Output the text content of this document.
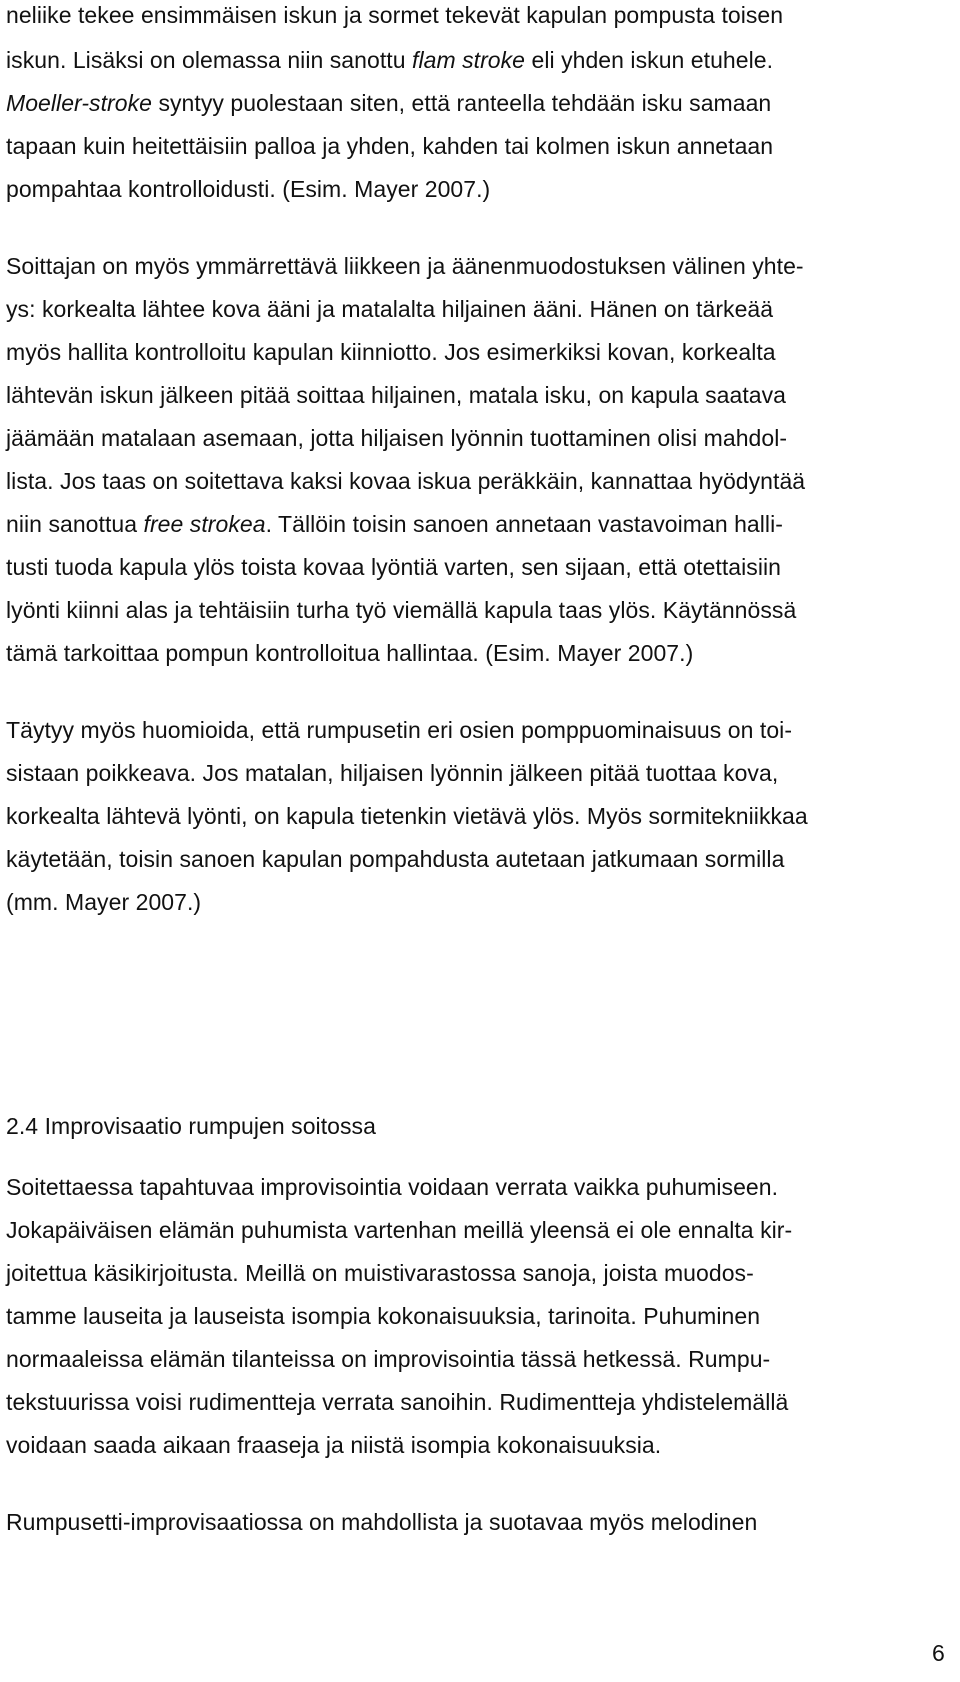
neliike tekee ensimmäisen iskun ja sormet tekevät kapulan pompusta toisen
iskun. Lisäksi on olemassa niin sanottu flam stroke eli yhden iskun etuhele.
Moeller-stroke syntyy puolestaan siten, että ranteella tehdään isku samaan
tapaan kuin heitettäisiin palloa ja yhden, kahden tai kolmen iskun annetaan
pompahtaa kontrolloidusti. (Esim. Mayer 2007.)
Soittajan on myös ymmärrettävä liikkeen ja äänenmuodostuksen välinen yhte-
ys: korkealta lähtee kova ääni ja matalalta hiljainen ääni. Hänen on tärkeää
myös hallita kontrolloitu kapulan kiinniotto. Jos esimerkiksi kovan, korkealta
lähtevän iskun jälkeen pitää soittaa hiljainen, matala isku, on kapula saatava
jäämään matalaan asemaan, jotta hiljaisen lyönnin tuottaminen olisi mahdol-
lista. Jos taas on soitettava kaksi kovaa iskua peräkkäin, kannattaa hyödyntää
niin sanottua free strokea. Tällöin toisin sanoen annetaan vastavoiman halli-
tusti tuoda kapula ylös toista kovaa lyöntiä varten, sen sijaan, että otettaisiin
lyönti kiinni alas ja tehtäisiin turha työ viemällä kapula taas ylös. Käytännössä
tämä tarkoittaa pompun kontrolloitua hallintaa. (Esim. Mayer 2007.)
Täytyy myös huomioida, että rumpusetin eri osien pomppuominaisuus on toi-
sistaan poikkeava. Jos matalan, hiljaisen lyönnin jälkeen pitää tuottaa kova,
korkealta lähtevä lyönti, on kapula tietenkin vietävä ylös. Myös sormitekniikkaa
käytetään, toisin sanoen kapulan pompahdusta autetaan jatkumaan sormilla
(mm. Mayer 2007.)
2.4 Improvisaatio rumpujen soitossa
Soitettaessa tapahtuvaa improvisointia voidaan verrata vaikka puhumiseen.
Jokapäiväisen elämän puhumista vartenhan meillä yleensä ei ole ennalta kir-
joitettua käsikirjoitusta. Meillä on muistivarastossa sanoja, joista muodos-
tamme lauseita ja lauseista isompia kokonaisuuksia, tarinoita. Puhuminen
normaaleissa elämän tilanteissa on improvisointia tässä hetkessä. Rumpu-
tekstuurissa voisi rudimentteja verrata sanoihin. Rudimentteja yhdistelemällä
voidaan saada aikaan fraaseja ja niistä isompia kokonaisuuksia.
Rumpusetti-improvisaatiossa on mahdollista ja suotavaa myös melodinen
6
